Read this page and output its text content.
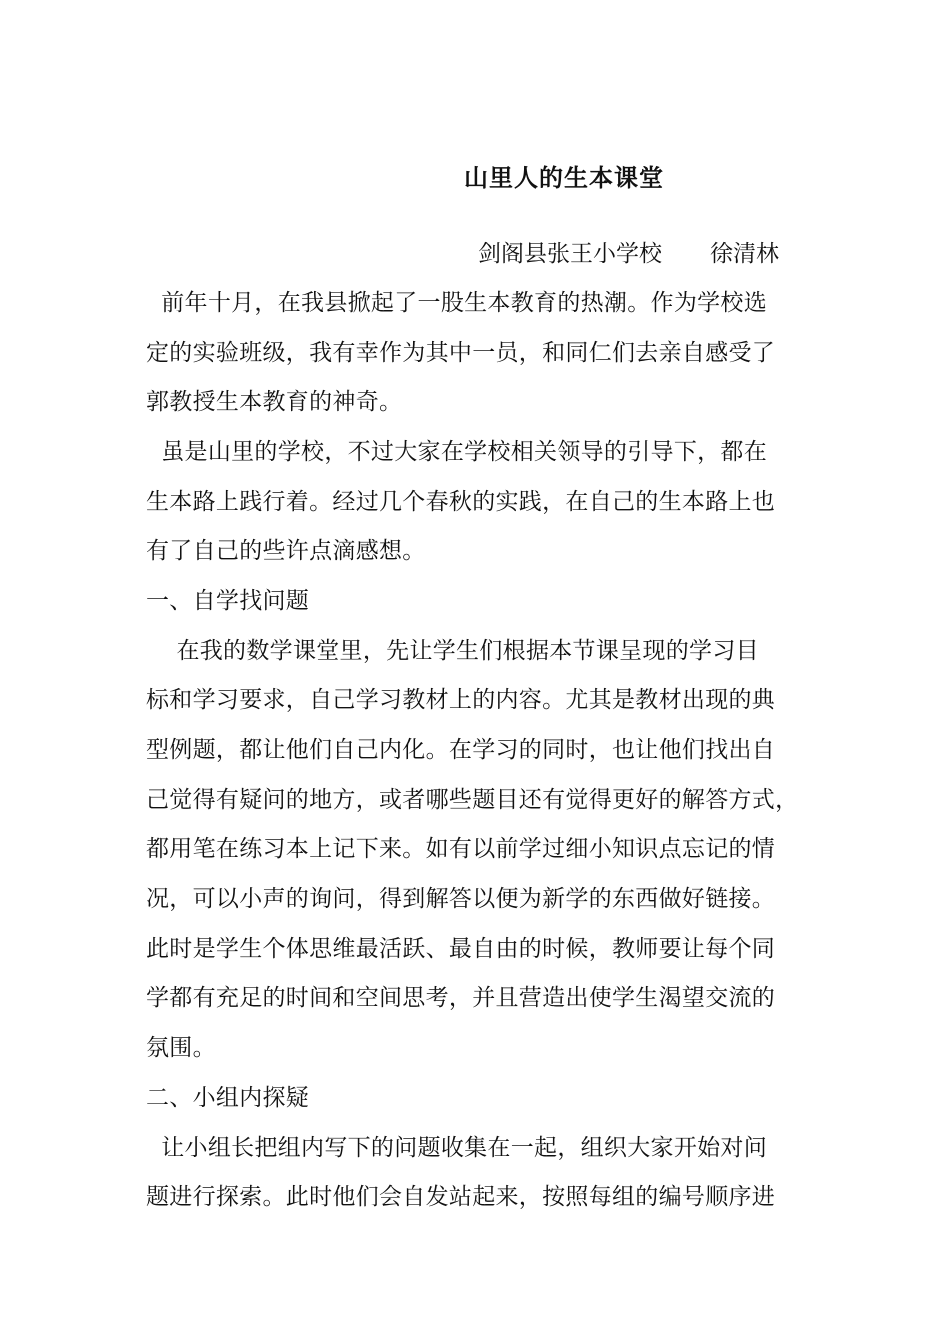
山里人的生本课堂
剑阁县张王小学校 徐清林
前年十月，在我县掀起了一股生本教育的热潮。作为学校选
定的实验班级，我有幸作为其中一员，和同仁们去亲自感受了
郭教授生本教育的神奇。
虽是山里的学校，不过大家在学校相关领导的引导下，都在
生本路上践行着。经过几个春秋的实践，在自己的生本路上也
有了自己的些许点滴感想。
一、自学找问题
在我的数学课堂里，先让学生们根据本节课呈现的学习目
标和学习要求，自己学习教材上的内容。尤其是教材出现的典
型例题，都让他们自己内化。在学习的同时，也让他们找出自
己觉得有疑问的地方，或者哪些题目还有觉得更好的解答方式，
都用笔在练习本上记下来。如有以前学过细小知识点忘记的情
况，可以小声的询问，得到解答以便为新学的东西做好链接。
此时是学生个体思维最活跃、最自由的时候，教师要让每个同
学都有充足的时间和空间思考，并且营造出使学生渴望交流的
氛围。
二、小组内探疑
让小组长把组内写下的问题收集在一起，组织大家开始对问
题进行探索。此时他们会自发站起来，按照每组的编号顺序进
